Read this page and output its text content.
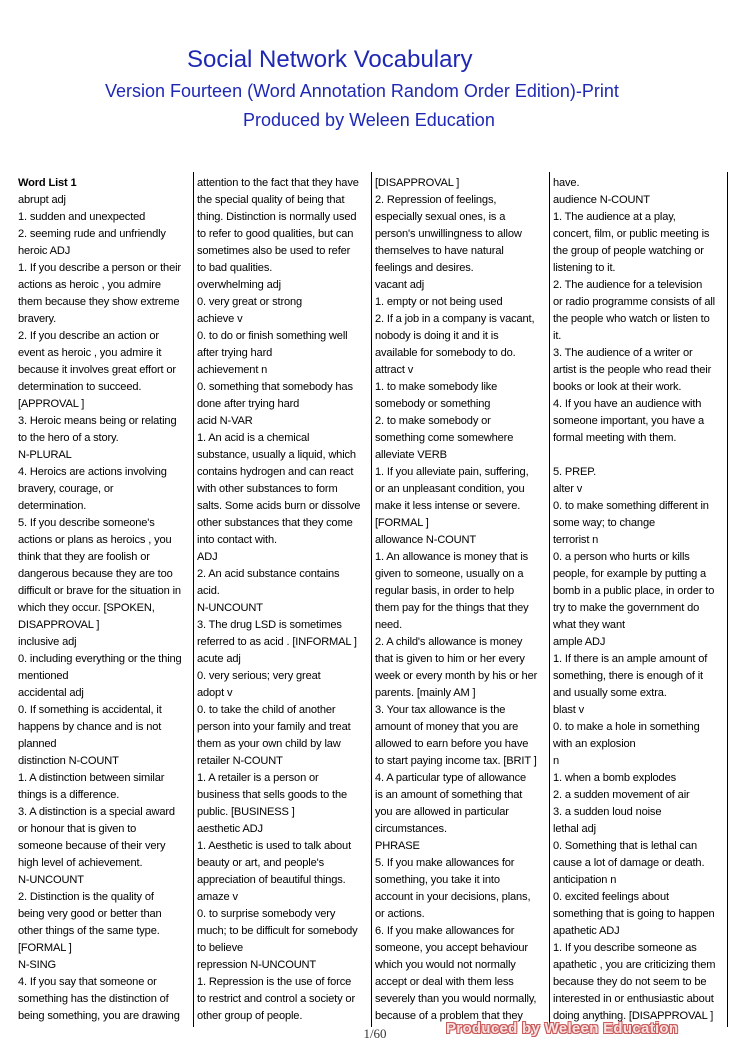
Social Network Vocabulary
Version Fourteen (Word Annotation Random Order Edition)-Print
Produced by Weleen Education
Word List 1
abrupt adj
1. sudden and unexpected
2. seeming rude and unfriendly
heroic ADJ
1. If you describe a person or their
actions as heroic , you admire
them because they show extreme
bravery.
2. If you describe an action or
event as heroic , you admire it
because it involves great effort or
determination to succeed.
[APPROVAL ]
3. Heroic means being or relating
to the hero of a story.
N-PLURAL
4. Heroics are actions involving
bravery, courage, or
determination.
5. If you describe someone's
actions or plans as heroics , you
think that they are foolish or
dangerous because they are too
difficult or brave for the situation in
which they occur. [SPOKEN,
DISAPPROVAL ]
inclusive adj
0. including everything or the thing
mentioned
accidental adj
0. If something is accidental, it
happens by chance and is not
planned
distinction N-COUNT
1. A distinction between similar
things is a difference.
3. A distinction is a special award
or honour that is given to
someone because of their very
high level of achievement.
N-UNCOUNT
2. Distinction is the quality of
being very good or better than
other things of the same type.
[FORMAL ]
N-SING
4. If you say that someone or
something has the distinction of
being something, you are drawing
attention to the fact that they have
the special quality of being that
thing. Distinction is normally used
to refer to good qualities, but can
sometimes also be used to refer
to bad qualities.
overwhelming adj
0. very great or strong
achieve v
0. to do or finish something well
after trying hard
achievement n
0. something that somebody has
done after trying hard
acid N-VAR
1. An acid is a chemical
substance, usually a liquid, which
contains hydrogen and can react
with other substances to form
salts. Some acids burn or dissolve
other substances that they come
into contact with.
ADJ
2. An acid substance contains
acid.
N-UNCOUNT
3. The drug LSD is sometimes
referred to as acid . [INFORMAL ]
acute adj
0. very serious; very great
adopt v
0. to take the child of another
person into your family and treat
them as your own child by law
retailer N-COUNT
1. A retailer is a person or
business that sells goods to the
public. [BUSINESS ]
aesthetic ADJ
1. Aesthetic is used to talk about
beauty or art, and people's
appreciation of beautiful things.
amaze v
0. to surprise somebody very
much; to be difficult for somebody
to believe
repression N-UNCOUNT
1. Repression is the use of force
to restrict and control a society or
other group of people.
[DISAPPROVAL ]
2. Repression of feelings,
especially sexual ones, is a
person's unwillingness to allow
themselves to have natural
feelings and desires.
vacant adj
1. empty or not being used
2. If a job in a company is vacant,
nobody is doing it and it is
available for somebody to do.
attract v
1. to make somebody like
somebody or something
2. to make somebody or
something come somewhere
alleviate VERB
1. If you alleviate pain, suffering,
or an unpleasant condition, you
make it less intense or severe.
[FORMAL ]
allowance N-COUNT
1. An allowance is money that is
given to someone, usually on a
regular basis, in order to help
them pay for the things that they
need.
2. A child's allowance is money
that is given to him or her every
week or every month by his or her
parents. [mainly AM ]
3. Your tax allowance is the
amount of money that you are
allowed to earn before you have
to start paying income tax. [BRIT ]
4. A particular type of allowance
is an amount of something that
you are allowed in particular
circumstances.
PHRASE
5. If you make allowances for
something, you take it into
account in your decisions, plans,
or actions.
6. If you make allowances for
someone, you accept behaviour
which you would not normally
accept or deal with them less
severely than you would normally,
because of a problem that they
have.
audience N-COUNT
1. The audience at a play,
concert, film, or public meeting is
the group of people watching or
listening to it.
2. The audience for a television
or radio programme consists of all
the people who watch or listen to
it.
3. The audience of a writer or
artist is the people who read their
books or look at their work.
4. If you have an audience with
someone important, you have a
formal meeting with them.
5. PREP.
alter v
0. to make something different in
some way; to change
terrorist n
0. a person who hurts or kills
people, for example by putting a
bomb in a public place, in order to
try to make the government do
what they want
ample ADJ
1. If there is an ample amount of
something, there is enough of it
and usually some extra.
blast v
0. to make a hole in something
with an explosion
n
1. when a bomb explodes
2. a sudden movement of air
3. a sudden loud noise
lethal adj
0. Something that is lethal can
cause a lot of damage or death.
anticipation n
0. excited feelings about
something that is going to happen
apathetic ADJ
1. If you describe someone as
apathetic , you are criticizing them
because they do not seem to be
interested in or enthusiastic about
doing anything. [DISAPPROVAL ]
1/60	Produced by Weleen Education
